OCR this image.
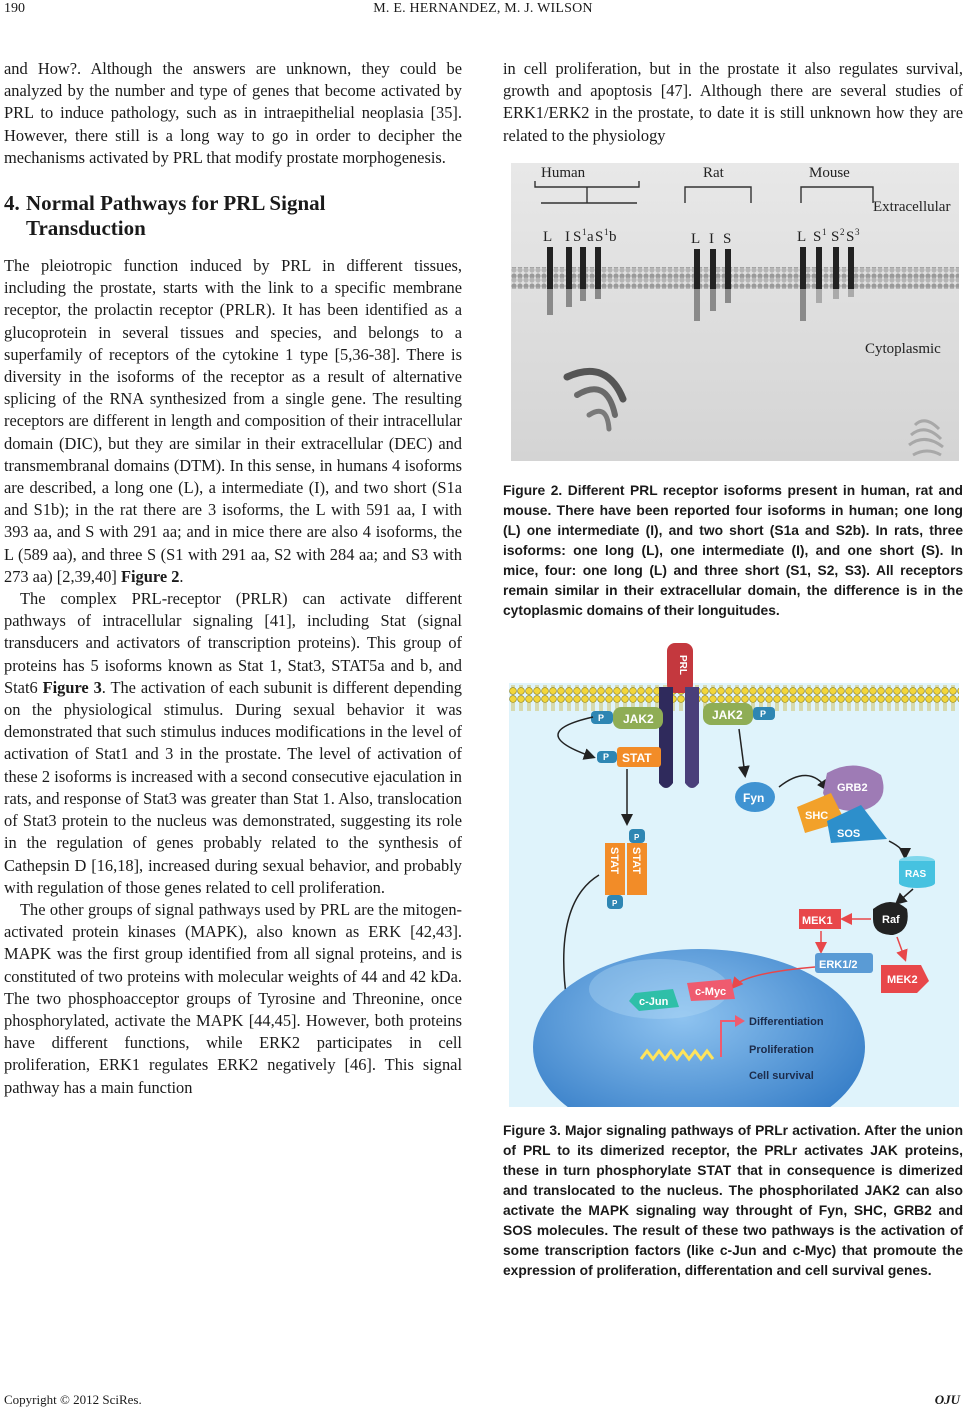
190	M. E. HERNANDEZ, M. J. WILSON

and How?. Although the answers are unknown, they could be analyzed by the number and type of genes that become activated by PRL to induce pathology, such as in intraepithelial neoplasia [35]. However, there still is a long way to go in order to decipher the mechanisms activated by PRL that modify prostate morphogenesis.

4. Normal Pathways for PRL Signal
Transduction

The pleiotropic function induced by PRL in different tissues, including the prostate, starts with the link to a specific membrane receptor, the prolactin receptor (PRLR). It has been identified as a glucoprotein in several tissues and species, and belongs to a superfamily of receptors of the cytokine 1 type [5,36-38]. There is diversity in the isoforms of the receptor as a result of alternative splicing of the RNA synthesized from a single gene. The resulting receptors are different in length and composition of their intracellular domain (DIC), but they are similar in their extracellular (DEC) and transmembranal domains (DTM). In this sense, in humans 4 isoforms are described, a long one (L), a intermediate (I), and two short (S1a and S1b); in the rat there are 3 isoforms, the L with 591 aa, I with 393 aa, and S with 291 aa; and in mice there are also 4 isoforms, the L (589 aa), and three S (S1 with 291 aa, S2 with 284 aa; and S3 with 273 aa) [2,39,40] Figure 2.

The complex PRL-receptor (PRLR) can activate different pathways of intracellular signaling [41], including Stat (signal transducers and activators of transcription proteins). This group of proteins has 5 isoforms known as Stat 1, Stat3, STAT5a and b, and Stat6 Figure 3. The activation of each subunit is different depending on the physiological stimulus. During sexual behavior it was demonstrated that such stimulus induces modifications in the level of activation of Stat1 and 3 in the prostate. The level of activation of these 2 isoforms is increased with a second consecutive ejaculation in rats, and response of Stat3 was greater than Stat 1. Also, translocation of Stat3 protein to the nucleus was demonstrated, suggesting its role in the regulation of genes probably related to the synthesis of Cathepsin D [16,18], increased during sexual behavior, and probably with regulation of those genes related to cell proliferation.

The other groups of signal pathways used by PRL are the mitogen-activated protein kinases (MAPK), also known as ERK [42,43]. MAPK was the first group identified from all signal proteins, and is constituted of two proteins with molecular weights of 44 and 42 kDa. The two phosphoacceptor groups of Tyrosine and Threonine, once phosphorylated, activate the MAPK [44,45]. However, both proteins have different functions, while ERK2 participates in cell proliferation, ERK1 regulates ERK2 negatively [46]. This signal pathway has a main function

in cell proliferation, but in the prostate it also regulates survival, growth and apoptosis [47]. Although there are several studies of ERK1/ERK2 in the prostate, to date it is still unknown how they are related to the physiology

Human	Rat	Mouse
Extracellular
Cytoplasmic
L I S 1 a S 1 b	L I S	L S 1 S 2 S 3

Figure 2. Different PRL receptor isoforms present in human, rat and mouse. There have been reported four isoforms in human; one long (L) one intermediate (I), and two short (S1a and S2b). In rats, three isoforms: one long (L), one intermediate (I), and one short (S). In mice, four: one long (L) and three short (S1, S2, S3). All receptors remain similar in their extracellular domain, the difference is in the cytoplasmic domains of their longuitudes.

PRL
JAK2
P	JAK2 P
STAT
P
STAT STAT
P
P
Fyn
GRB2
SHC
SOS
RAS
Raf
MEK1
ERK1/2
MEK2
c-Jun
c-Myc
Differentiation
Proliferation
Cell survival

Figure 3. Major signaling pathways of PRLr activation. After the union of PRL to its dimerized receptor, the PRLr activates JAK proteins, these in turn phosphorylate STAT that in consequence is dimerized and translocated to the nucleus. The phosphorilated JAK2 can also activate the MAPK signaling way throught of Fyn, SHC, GRB2 and SOS molecules. The result of these two pathways is the activation of some transcription factors (like c-Jun and c-Myc) that promoute the expression of proliferation, differentation and cell survival genes.

Copyright © 2012 SciRes.	OJU
